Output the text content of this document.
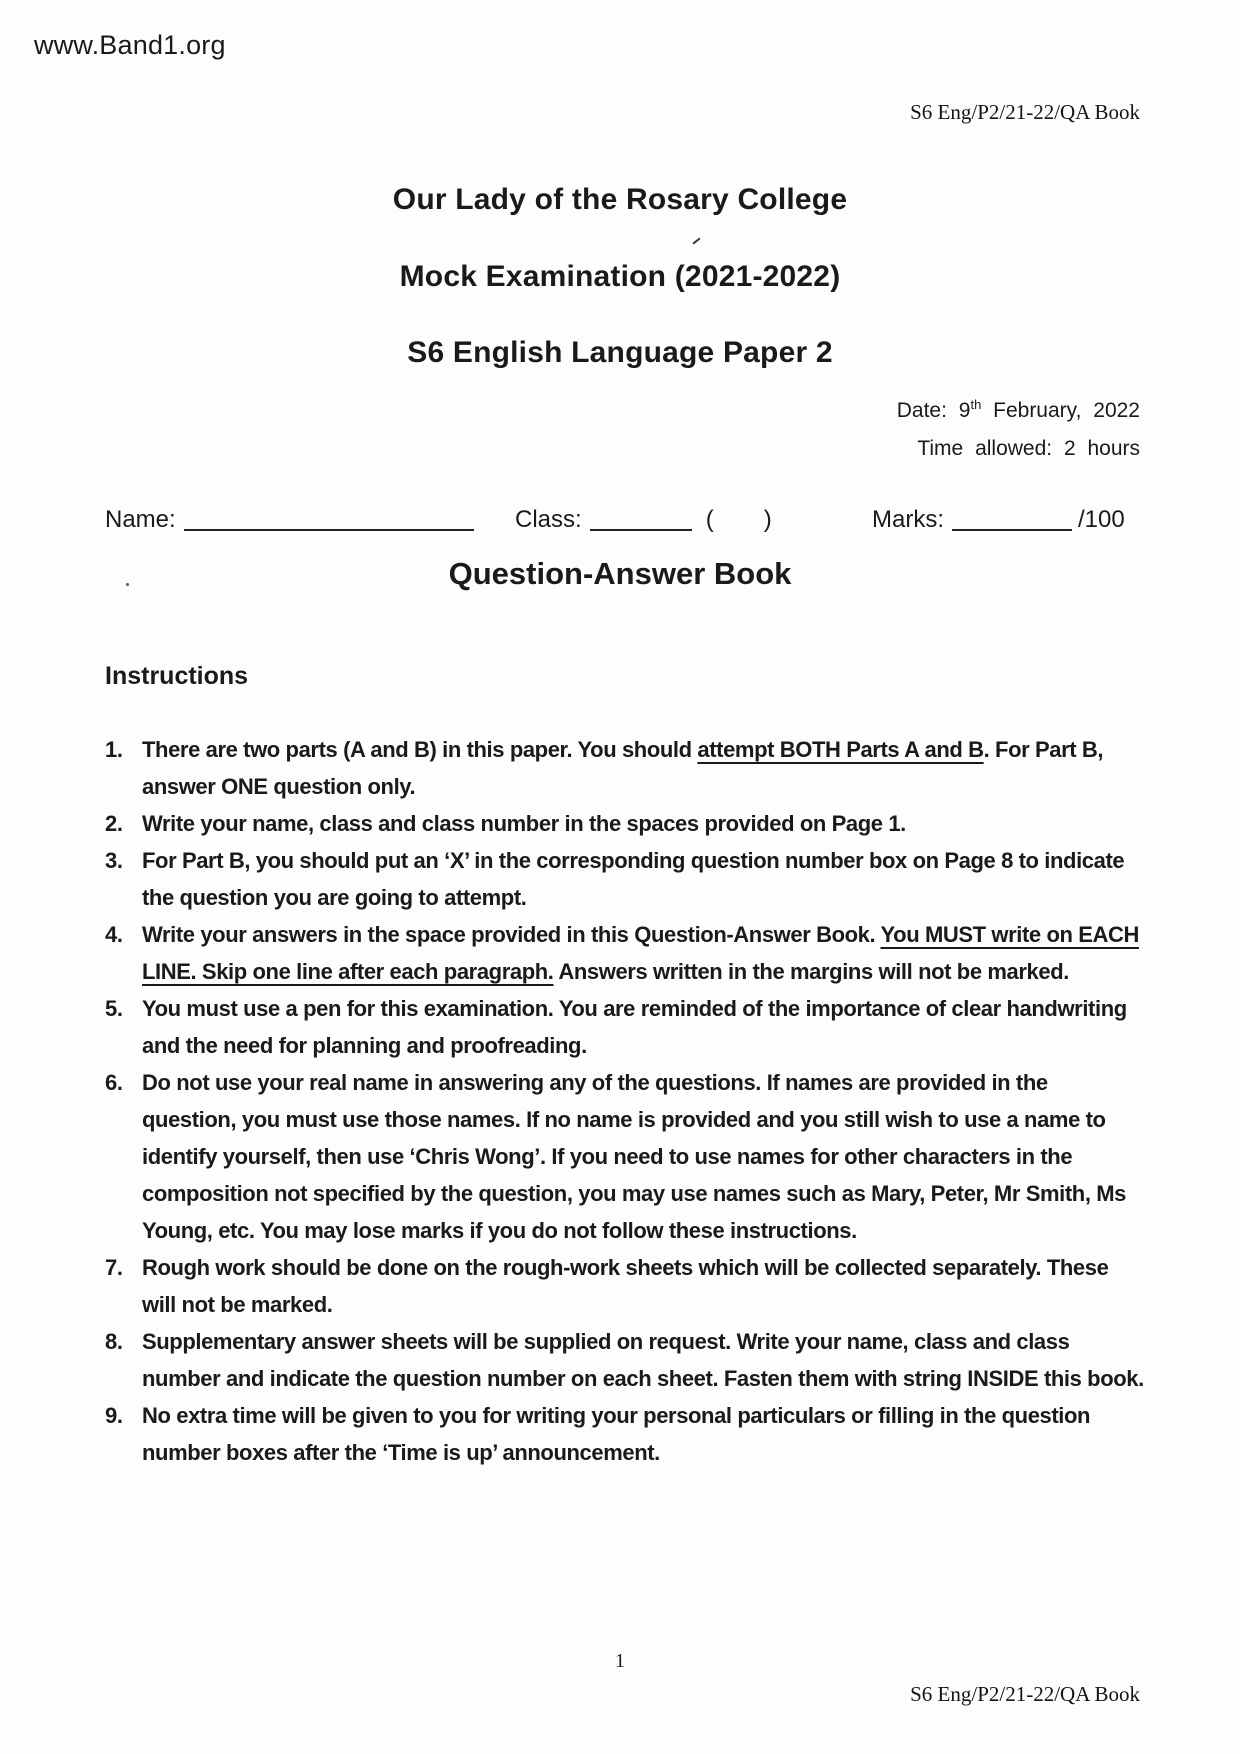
www.Band1.org
S6 Eng/P2/21-22/QA Book
Our Lady of the Rosary College
Mock Examination (2021-2022)
S6 English Language Paper 2
Date: 9th February, 2022
Time allowed: 2 hours
Name:	Class:	( )	Marks:	/100
Question-Answer Book
Instructions
1. There are two parts (A and B) in this paper. You should attempt BOTH Parts A and B. For Part B, answer ONE question only.
2. Write your name, class and class number in the spaces provided on Page 1.
3. For Part B, you should put an ‘X’ in the corresponding question number box on Page 8 to indicate the question you are going to attempt.
4. Write your answers in the space provided in this Question-Answer Book. You MUST write on EACH LINE. Skip one line after each paragraph. Answers written in the margins will not be marked.
5. You must use a pen for this examination. You are reminded of the importance of clear handwriting and the need for planning and proofreading.
6. Do not use your real name in answering any of the questions. If names are provided in the question, you must use those names. If no name is provided and you still wish to use a name to identify yourself, then use ‘Chris Wong’. If you need to use names for other characters in the composition not specified by the question, you may use names such as Mary, Peter, Mr Smith, Ms Young, etc. You may lose marks if you do not follow these instructions.
7. Rough work should be done on the rough-work sheets which will be collected separately. These will not be marked.
8. Supplementary answer sheets will be supplied on request. Write your name, class and class number and indicate the question number on each sheet. Fasten them with string INSIDE this book.
9. No extra time will be given to you for writing your personal particulars or filling in the question number boxes after the ‘Time is up’ announcement.
1
S6 Eng/P2/21-22/QA Book
